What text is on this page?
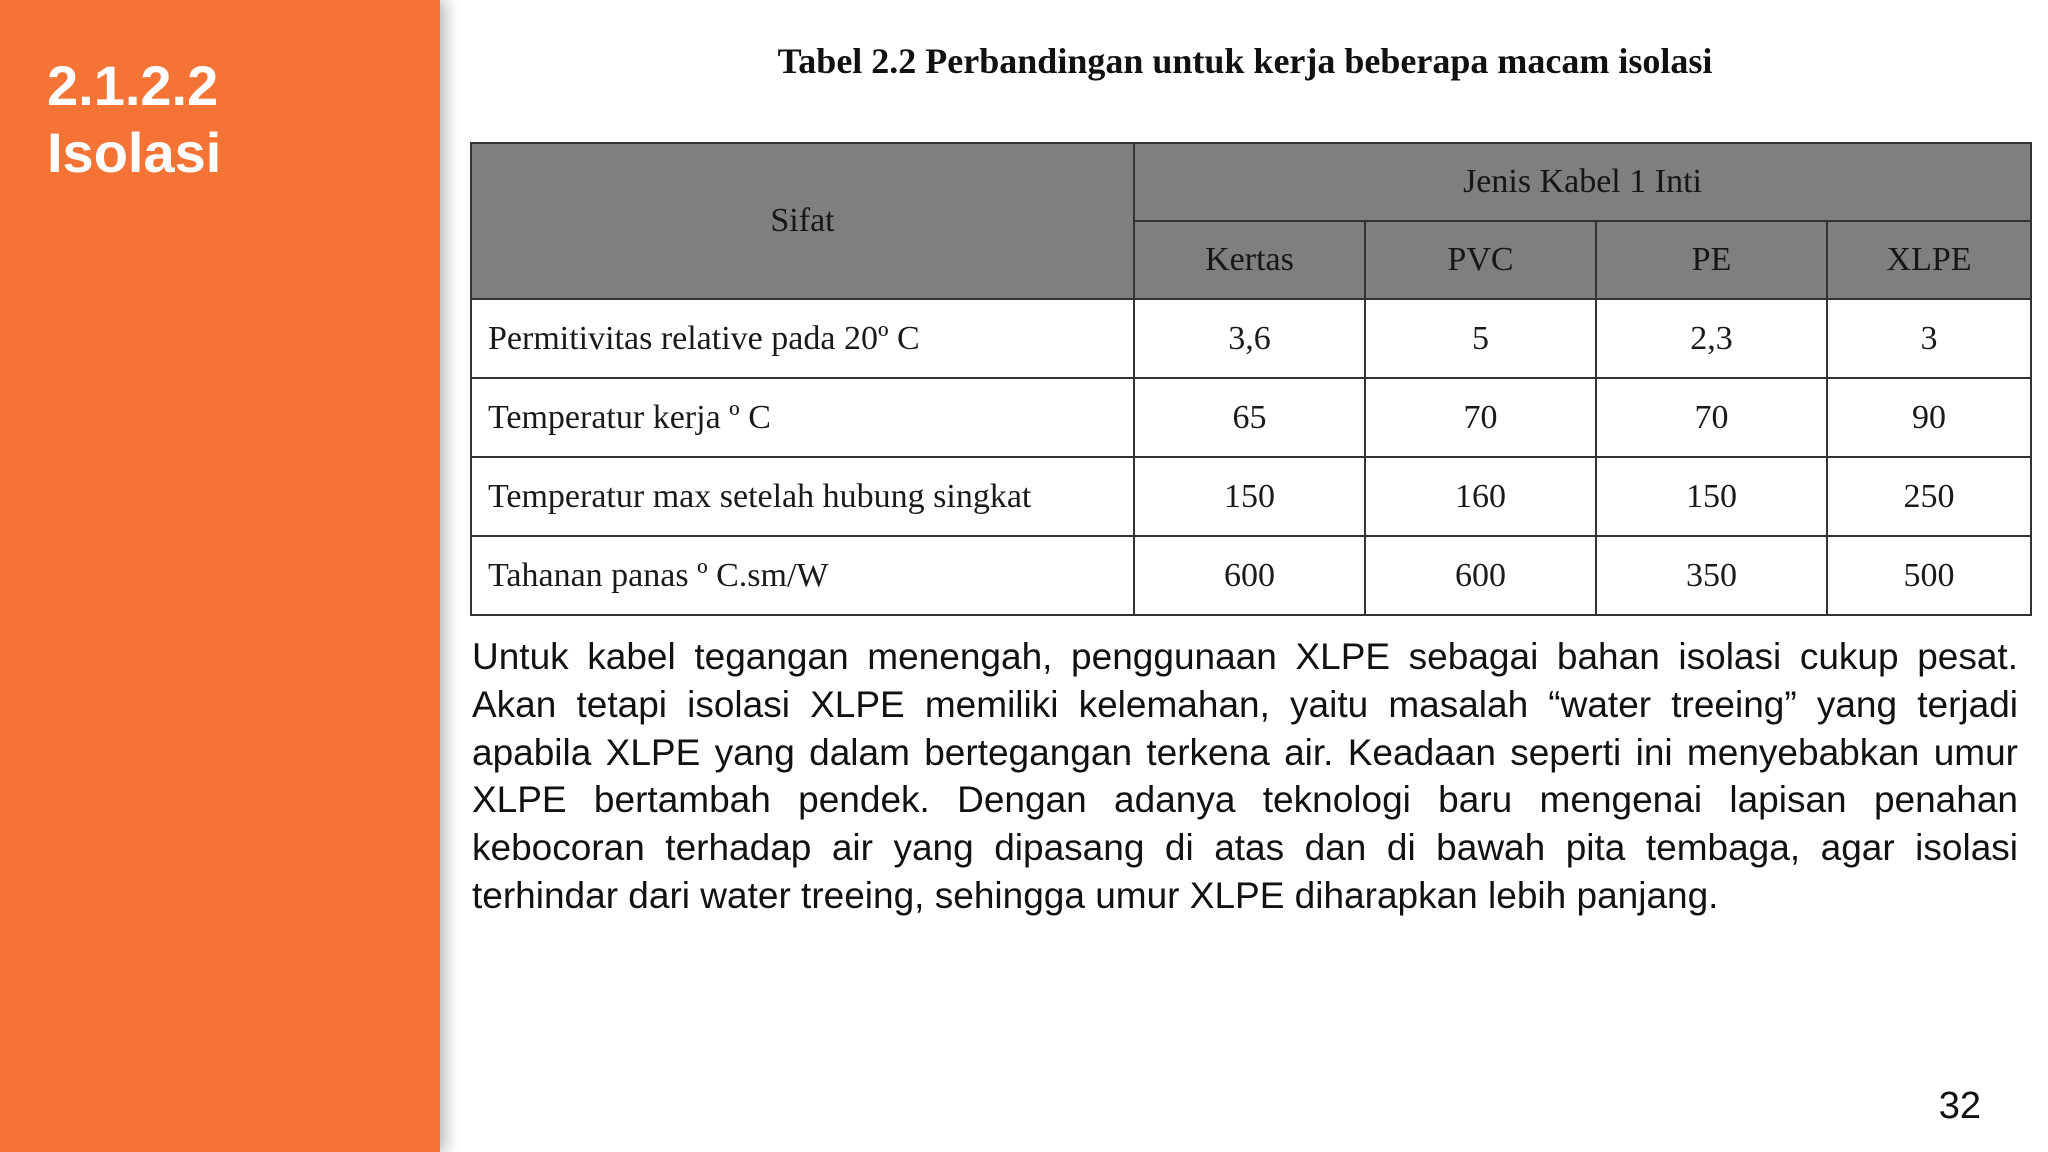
2.1.2.2
Isolasi
Tabel 2.2 Perbandingan untuk kerja beberapa macam isolasi
Sifat	Jenis Kabel 1 Inti			
	Kertas	PVC	PE	XLPE
Permitivitas relative pada 20º C	3,6	5	2,3	3
Temperatur kerja º C	65	70	70	90
Temperatur max setelah hubung singkat	150	160	150	250
Tahanan panas º C.sm/W	600	600	350	500

Untuk kabel tegangan menengah, penggunaan XLPE sebagai bahan isolasi cukup pesat. Akan tetapi isolasi XLPE memiliki kelemahan, yaitu masalah “water treeing” yang terjadi apabila XLPE yang dalam bertegangan terkena air. Keadaan seperti ini menyebabkan umur XLPE bertambah pendek. Dengan adanya teknologi baru mengenai lapisan penahan kebocoran terhadap air yang dipasang di atas dan di bawah pita tembaga, agar isolasi terhindar dari water treeing, sehingga umur XLPE diharapkan lebih panjang.

32
